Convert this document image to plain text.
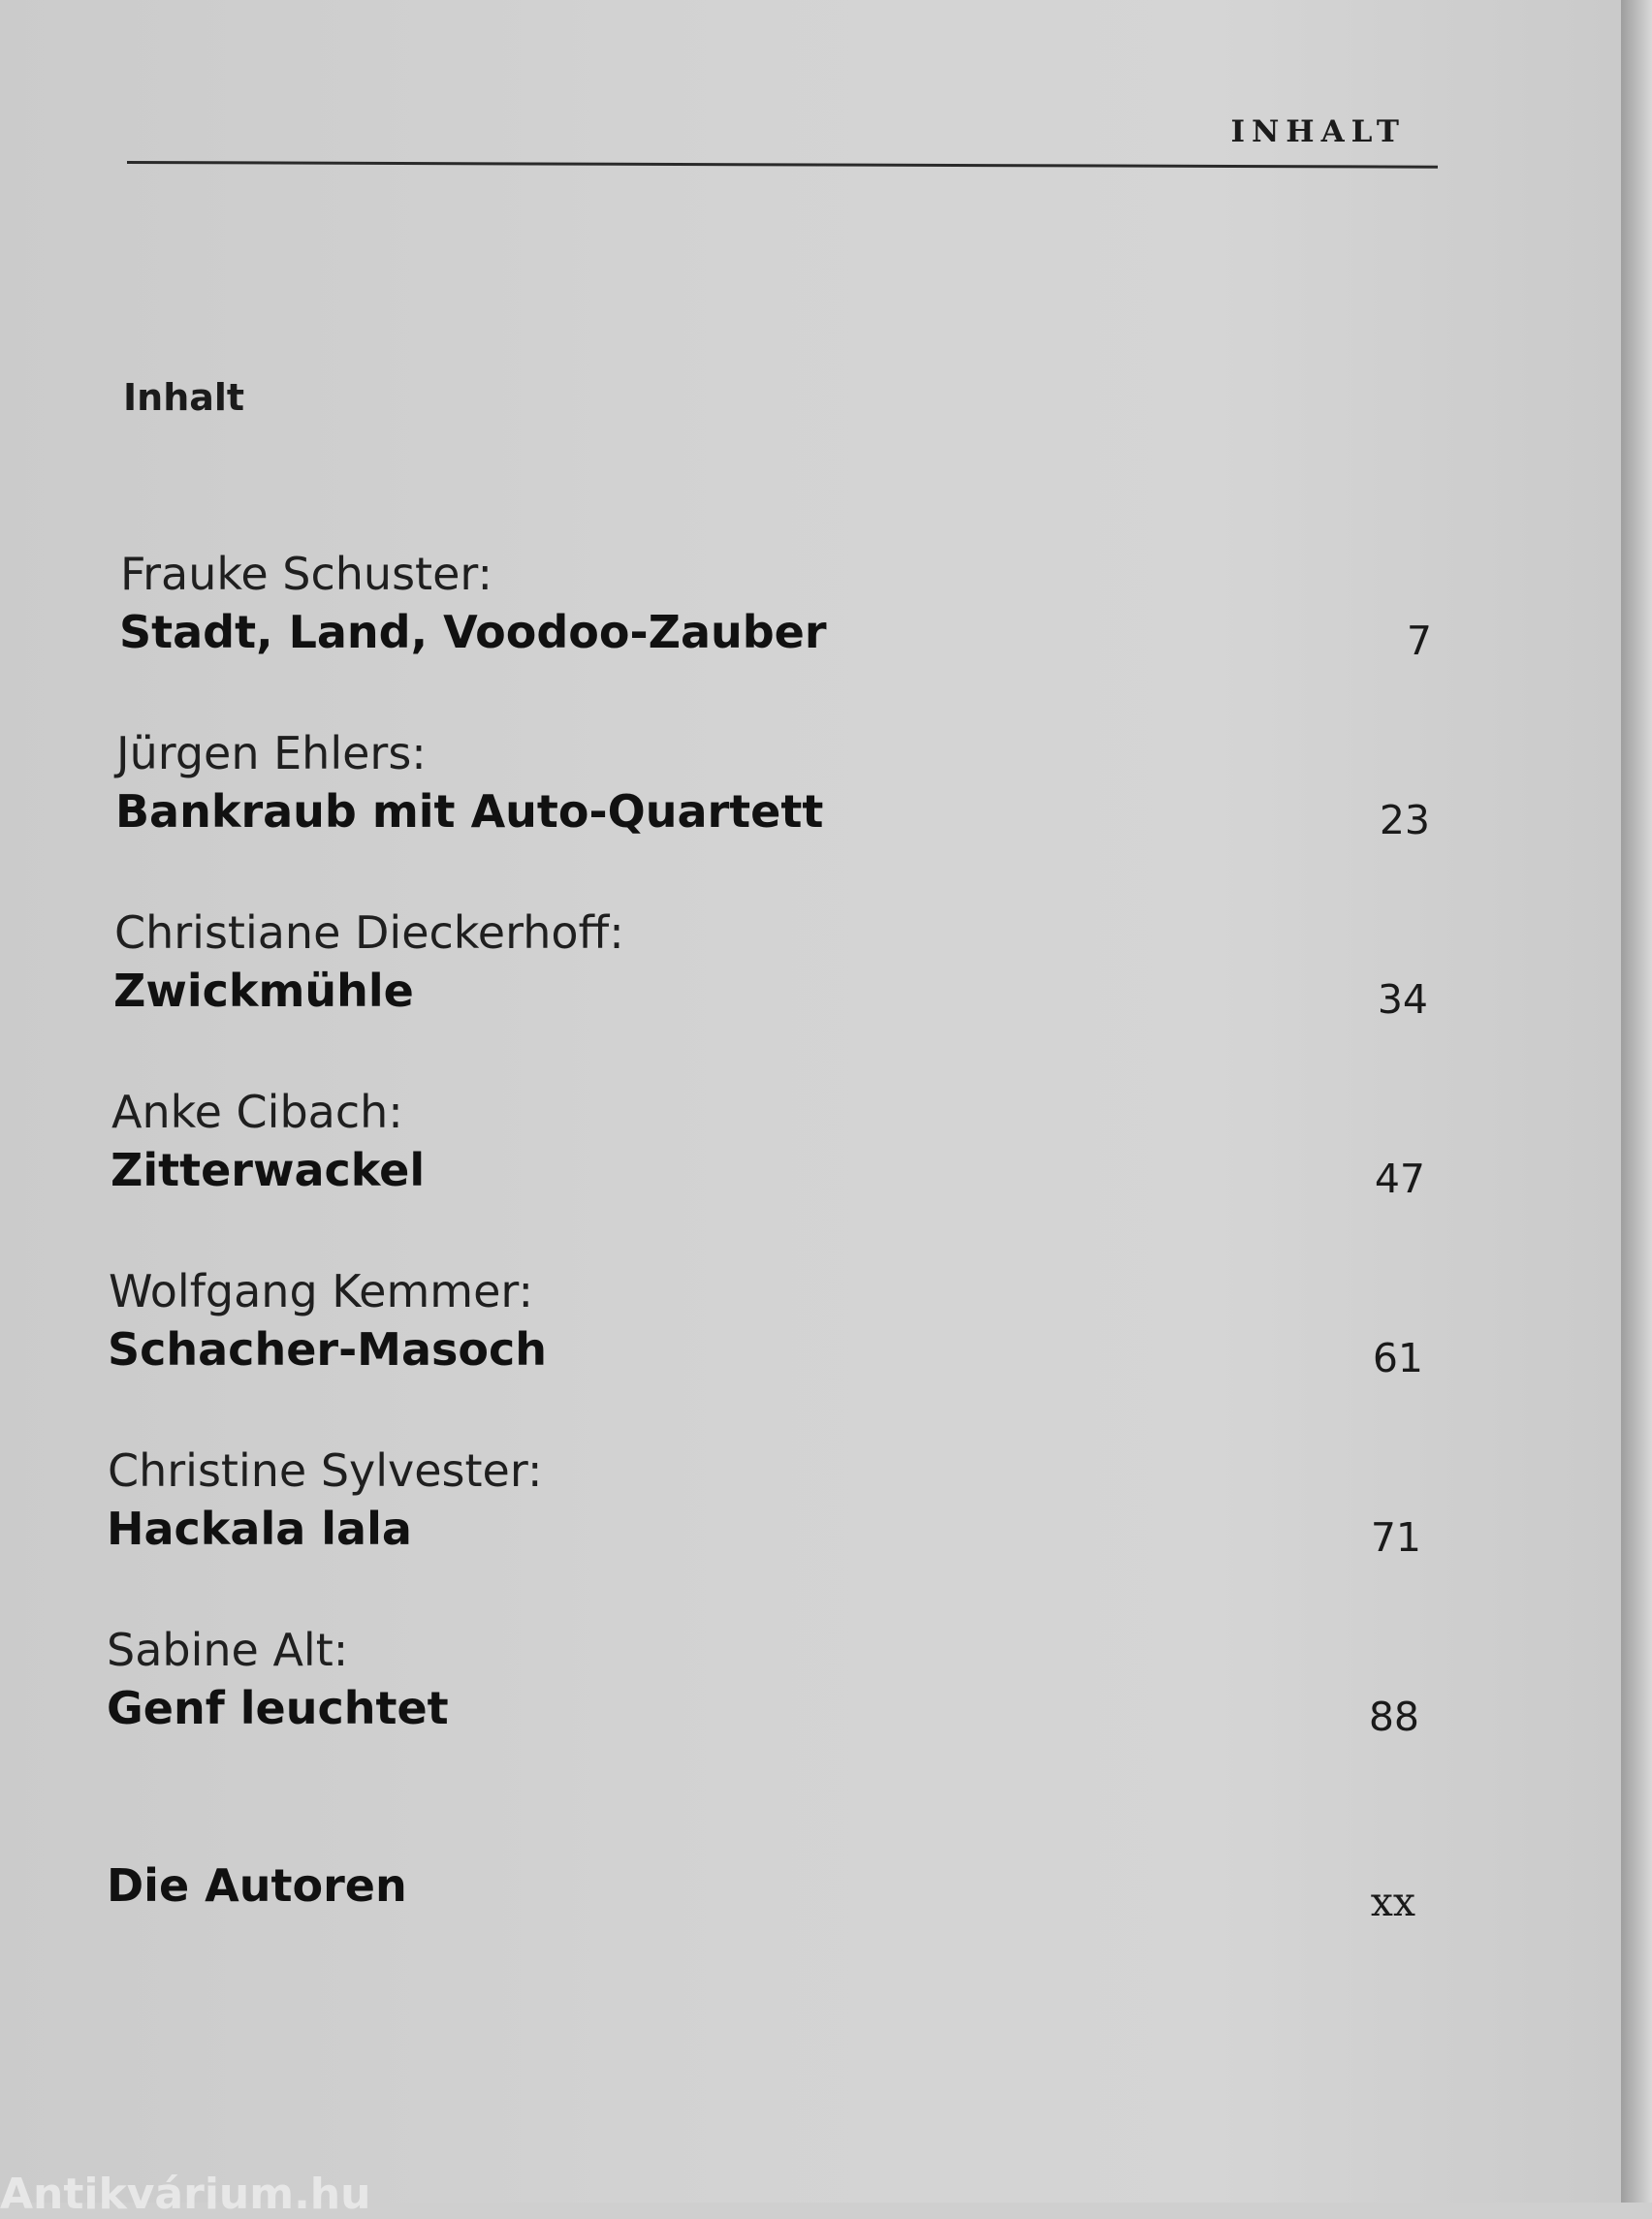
INHALT
Inhalt
Frauke Schuster:
Stadt, Land, Voodoo-Zauber	7
Jürgen Ehlers:
Bankraub mit Auto-Quartett	23
Christiane Dieckerhoff:
Zwickmühle	34
Anke Cibach:
Zitterwackel	47
Wolfgang Kemmer:
Schacher-Masoch	61
Christine Sylvester:
Hackala lala	71
Sabine Alt:
Genf leuchtet	88
Die Autoren	xx
Antikvárium.hu
